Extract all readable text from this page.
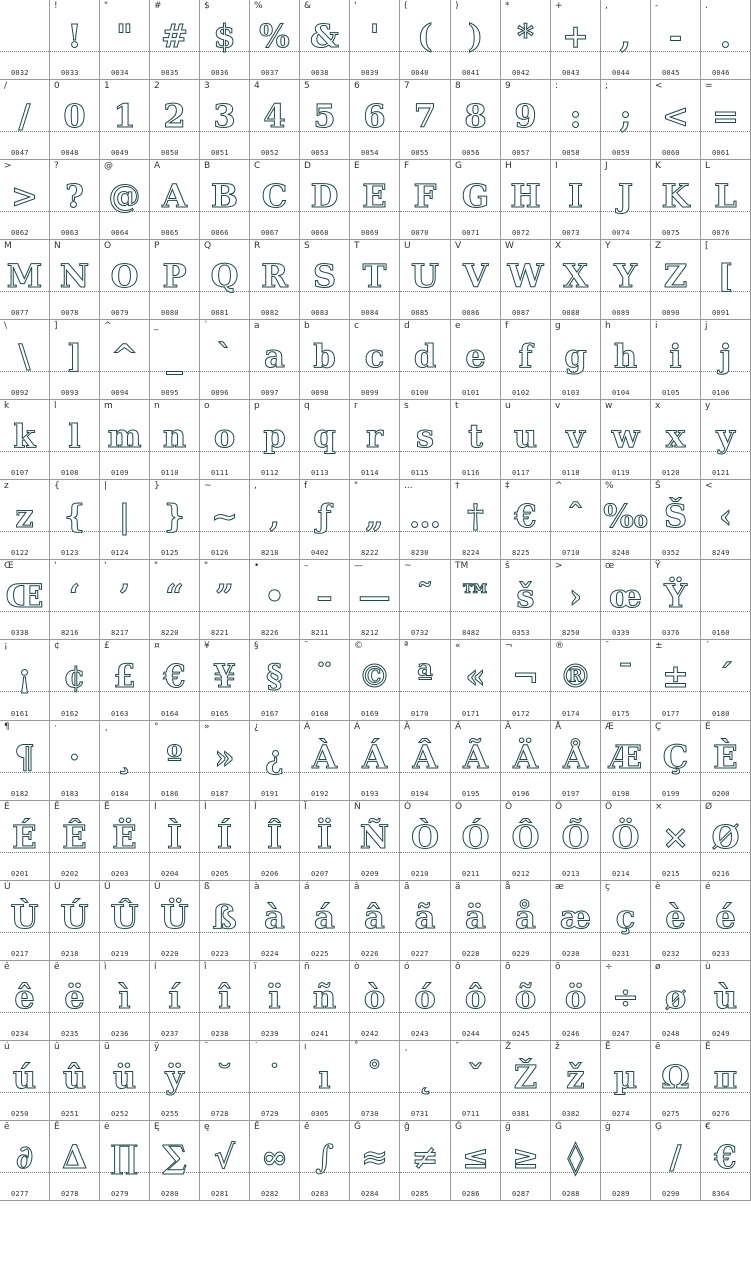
0032
!
!
0033
"
"
0034
#
#
0035
$
$
0036
%
%
0037
&
&
0038
'
'
0039
(
(
0040
)
)
0041
*
*
0042
+
+
0043
,
,
0044
-
-
0045
.
.
0046
/
/
0047
0
0
0048
1
1
0049
2
2
0050
3
3
0051
4
4
0052
5
5
0053
6
6
0054
7
7
0055
8
8
0056
9
9
0057
:
:
0058
;
;
0059
<
<
0060
=
=
0061
>
>
0062
?
?
0063
@
@
0064
A
A
0065
B
B
0066
C
C
0067
D
D
0068
E
E
0069
F
F
0070
G
G
0071
H
H
0072
I
I
0073
J
J
0074
K
K
0075
L
L
0076
M
M
0077
N
N
0078
O
O
0079
P
P
0080
Q
Q
0081
R
R
0082
S
S
0083
T
T
0084
U
U
0085
V
V
0086
W
W
0087
X
X
0088
Y
Y
0089
Z
Z
0090
[
[
0091
\
\
0092
]
]
0093
^
^
0094
_
_
0095
`
`
0096
a
a
0097
b
b
0098
c
c
0099
d
d
0100
e
e
0101
f
f
0102
g
g
0103
h
h
0104
i
i
0105
j
j
0106
k
k
0107
l
l
0108
m
m
0109
n
n
0110
o
o
0111
p
p
0112
q
q
0113
r
r
0114
s
s
0115
t
t
0116
u
u
0117
v
v
0118
w
w
0119
x
x
0120
y
y
0121
z
z
0122
{
{
0123
|
|
0124
}
}
0125
~
~
0126
,
‚
8218
f
ƒ
0402
"
„
8222
...
…
8230
†
†
8224
‡
€
8225
^
ˆ
0710
%
‰
8240
Š
Š
0352
<
‹
8249
Œ
Œ
0338
'
‘
8216
'
’
8217
"
“
8220
"
”
8221
•
•
8226
–
–
8211
—
—
8212
~
˜
0732
TM
™
8482
š
š
0353
>
›
8250
œ
œ
0339
Ÿ
Ÿ
0376	0160
¡
¡
0161
¢
¢
0162
£
£
0163
¤
€
0164
¥
¥
0165
§
§
0167
¨
¨
0168
©
©
0169
ª
ª
0170
«
«
0171
¬
¬
0172
®
®
0174
¯
¯
0175
±
±
0177
´
´
0180
¶
¶
0182
·
·
0183
¸
¸
0184
°
º
0186
»
»
0187
¿
¿
0191
À
À
0192
Á
Á
0193
Â
Â
0194
Ã
Ã
0195
Ä
Ä
0196
Å
Å
0197
Æ
Æ
0198
Ç
Ç
0199
È
È
0200
É
É
0201
Ê
Ê
0202
Ë
Ë
0203
Ì
Ì
0204
Í
Í
0205
Î
Î
0206
Ï
Ï
0207
Ñ
Ñ
0209
Ò
Ò
0210
Ó
Ó
0211
Ô
Ô
0212
Õ
Õ
0213
Ö
Ö
0214
×
×
0215
Ø
Ø
0216
Ù
Ù
0217
Ú
Ú
0218
Û
Û
0219
Ü
Ü
0220
ß
ß
0223
à
à
0224
á
á
0225
â
â
0226
ã
ã
0227
ä
ä
0228
å
å
0229
æ
æ
0230
ç
ç
0231
è
è
0232
é
é
0233
ê
ê
0234
ë
ë
0235
ì
ì
0236
í
í
0237
î
î
0238
ï
ï
0239
ñ
ñ
0241
ò
ò
0242
ó
ó
0243
ô
ô
0244
õ
õ
0245
ö
ö
0246
÷
÷
0247
ø
ø
0248
ù
ù
0249
ú
ú
0250
û
û
0251
ü
ü
0252
ÿ
ÿ
0255
˘
˘
0728
˙
˙
0729
ı
ı
0305
˚
˚
0730
˛
˛
0731
ˇ
ˇ
0711
Ž
Ž
0381
ž
ž
0382
Ē
µ
0274
ē
Ω
0275
Ĕ
π
0276
ĕ
∂
0277
Ė
∆
0278
ė
∏
0279
Ę
∑
0280
ę
√
0281
Ě
∞
0282
ě
∫
0283
Ĝ
≈
0284
ĝ
≠
0285
Ğ
≤
0286
ğ
≥
0287
Ġ
◊
0288
ġ
0289
Ģ
/
0290
€
€
8364
